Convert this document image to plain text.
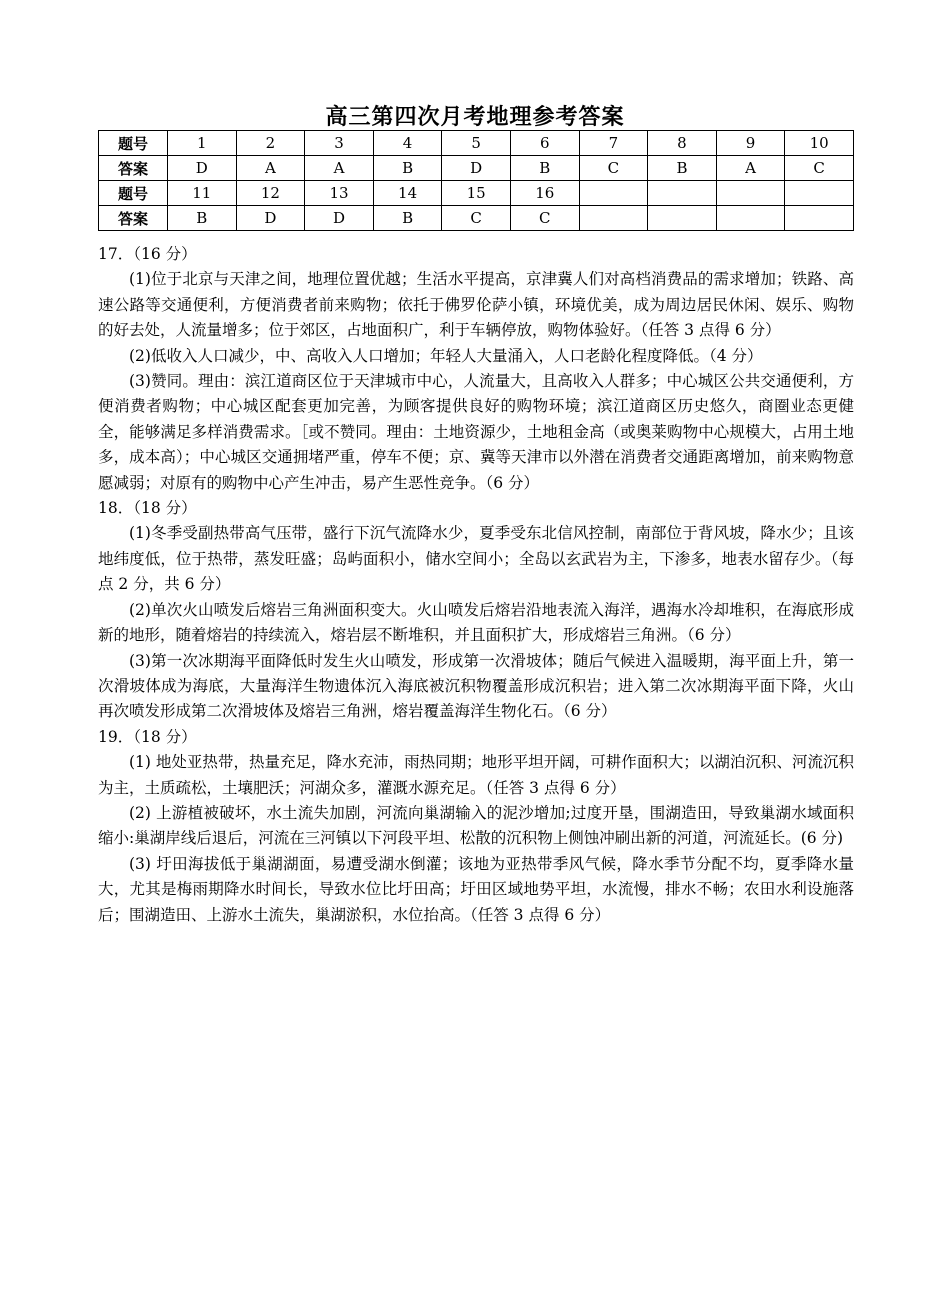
高三第四次月考地理参考答案
题号	1	2	3	4	5	6	7	8	9	10
答案	D	A	A	B	D	B	C	B	A	C
题号	11	12	13	14	15	16				
答案	B	D	D	B	C	C				

17．（16 分）

(1)位于北京与天津之间，地理位置优越；生活水平提高，京津冀人们对高档消费品的需求增加；铁路、高速公路等交通便利，方便消费者前来购物；依托于佛罗伦萨小镇，环境优美，成为周边居民休闲、娱乐、购物的好去处，人流量增多；位于郊区，占地面积广，利于车辆停放，购物体验好。（任答 3 点得 6 分）

(2)低收入人口减少，中、高收入人口增加；年轻人大量涌入，人口老龄化程度降低。（4 分）

(3)赞同。理由：滨江道商区位于天津城市中心，人流量大，且高收入人群多；中心城区公共交通便利，方便消费者购物；中心城区配套更加完善，为顾客提供良好的购物环境；滨江道商区历史悠久，商圈业态更健全，能够满足多样消费需求。［或不赞同。理由：土地资源少，土地租金高（或奥莱购物中心规模大，占用土地多，成本高）；中心城区交通拥堵严重，停车不便；京、冀等天津市以外潜在消费者交通距离增加，前来购物意愿减弱；对原有的购物中心产生冲击，易产生恶性竞争。（6 分）

18．（18 分）

(1)冬季受副热带高气压带，盛行下沉气流降水少，夏季受东北信风控制，南部位于背风坡，降水少；且该地纬度低，位于热带，蒸发旺盛；岛屿面积小，储水空间小；全岛以玄武岩为主，下渗多，地表水留存少。（每点 2 分，共 6 分）

(2)单次火山喷发后熔岩三角洲面积变大。火山喷发后熔岩沿地表流入海洋，遇海水冷却堆积，在海底形成新的地形，随着熔岩的持续流入，熔岩层不断堆积，并且面积扩大，形成熔岩三角洲。（6 分）

(3)第一次冰期海平面降低时发生火山喷发，形成第一次滑坡体；随后气候进入温暖期，海平面上升，第一次滑坡体成为海底，大量海洋生物遗体沉入海底被沉积物覆盖形成沉积岩；进入第二次冰期海平面下降，火山再次喷发形成第二次滑坡体及熔岩三角洲，熔岩覆盖海洋生物化石。（6 分）

19．（18 分）

(1) 地处亚热带，热量充足，降水充沛，雨热同期；地形平坦开阔，可耕作面积大；以湖泊沉积、河流沉积为主，土质疏松，土壤肥沃；河湖众多，灌溉水源充足。（任答 3 点得 6 分）

(2) 上游植被破坏，水土流失加剧，河流向巢湖输入的泥沙增加;过度开垦，围湖造田，导致巢湖水域面积缩小:巢湖岸线后退后，河流在三河镇以下河段平坦、松散的沉积物上侧蚀冲刷出新的河道，河流延长。(6 分)

(3) 圩田海拔低于巢湖湖面，易遭受湖水倒灌；该地为亚热带季风气候，降水季节分配不均，夏季降水量大，尤其是梅雨期降水时间长，导致水位比圩田高；圩田区域地势平坦，水流慢，排水不畅；农田水利设施落后；围湖造田、上游水土流失，巢湖淤积，水位抬高。（任答 3 点得 6 分）
